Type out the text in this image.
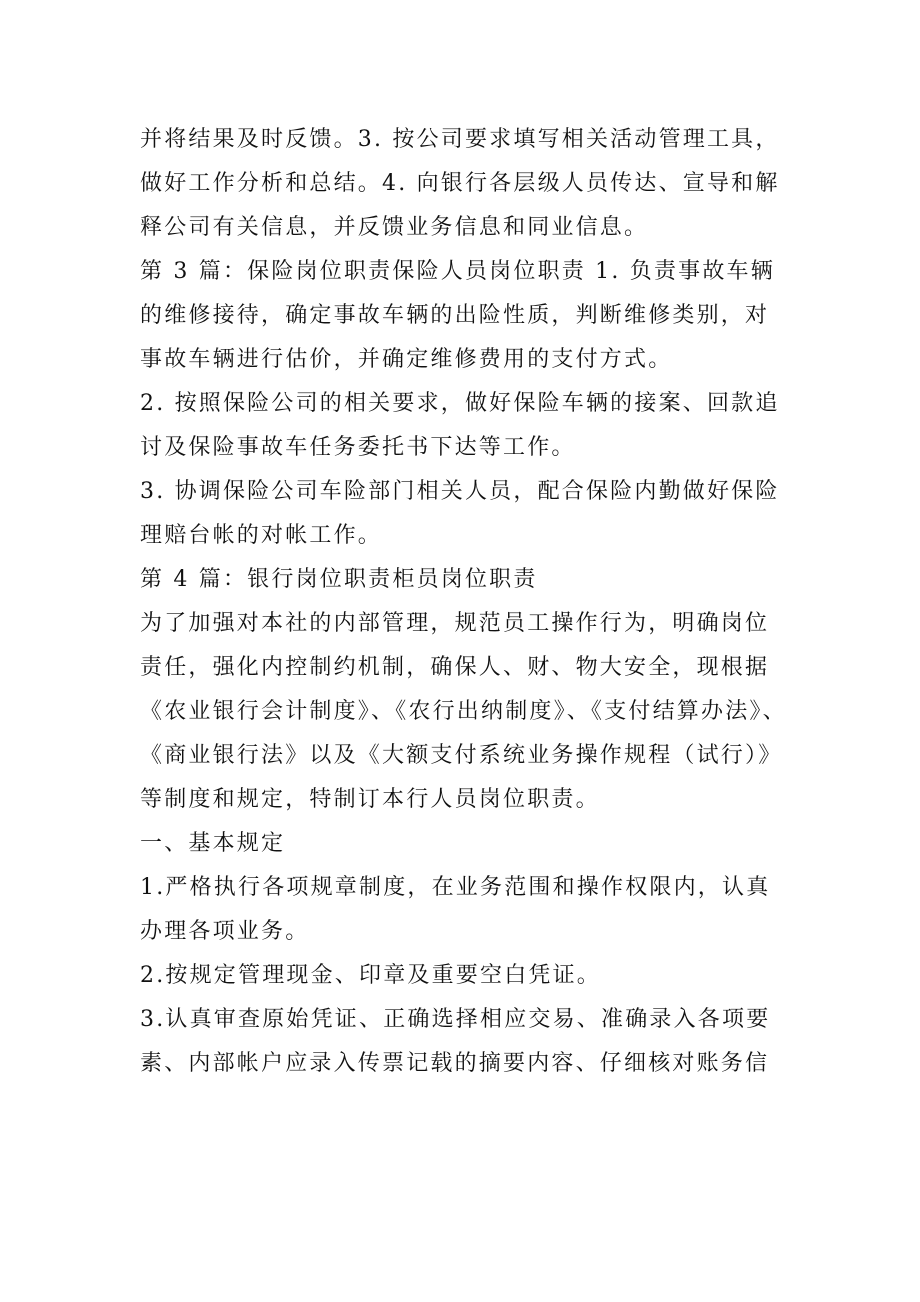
并将结果及时反馈。3. 按公司要求填写相关活动管理工具，
做好工作分析和总结。4. 向银行各层级人员传达、宣导和解
释公司有关信息，并反馈业务信息和同业信息。
第 3 篇：保险岗位职责保险人员岗位职责 1. 负责事故车辆
的维修接待，确定事故车辆的出险性质，判断维修类别，对
事故车辆进行估价，并确定维修费用的支付方式。
2. 按照保险公司的相关要求，做好保险车辆的接案、回款追
讨及保险事故车任务委托书下达等工作。
3. 协调保险公司车险部门相关人员，配合保险内勤做好保险
理赔台帐的对帐工作。
第 4 篇：银行岗位职责柜员岗位职责
为了加强对本社的内部管理，规范员工操作行为，明确岗位
责任，强化内控制约机制，确保人、财、物大安全，现根据
《农业银行会计制度》、《农行出纳制度》、《支付结算办法》、
《商业银行法》以及《大额支付系统业务操作规程（试行）》
等制度和规定，特制订本行人员岗位职责。
一、基本规定
1.严格执行各项规章制度，在业务范围和操作权限内，认真
办理各项业务。
2.按规定管理现金、印章及重要空白凭证。
3.认真审查原始凭证、正确选择相应交易、准确录入各项要
素、内部帐户应录入传票记载的摘要内容、仔细核对账务信
